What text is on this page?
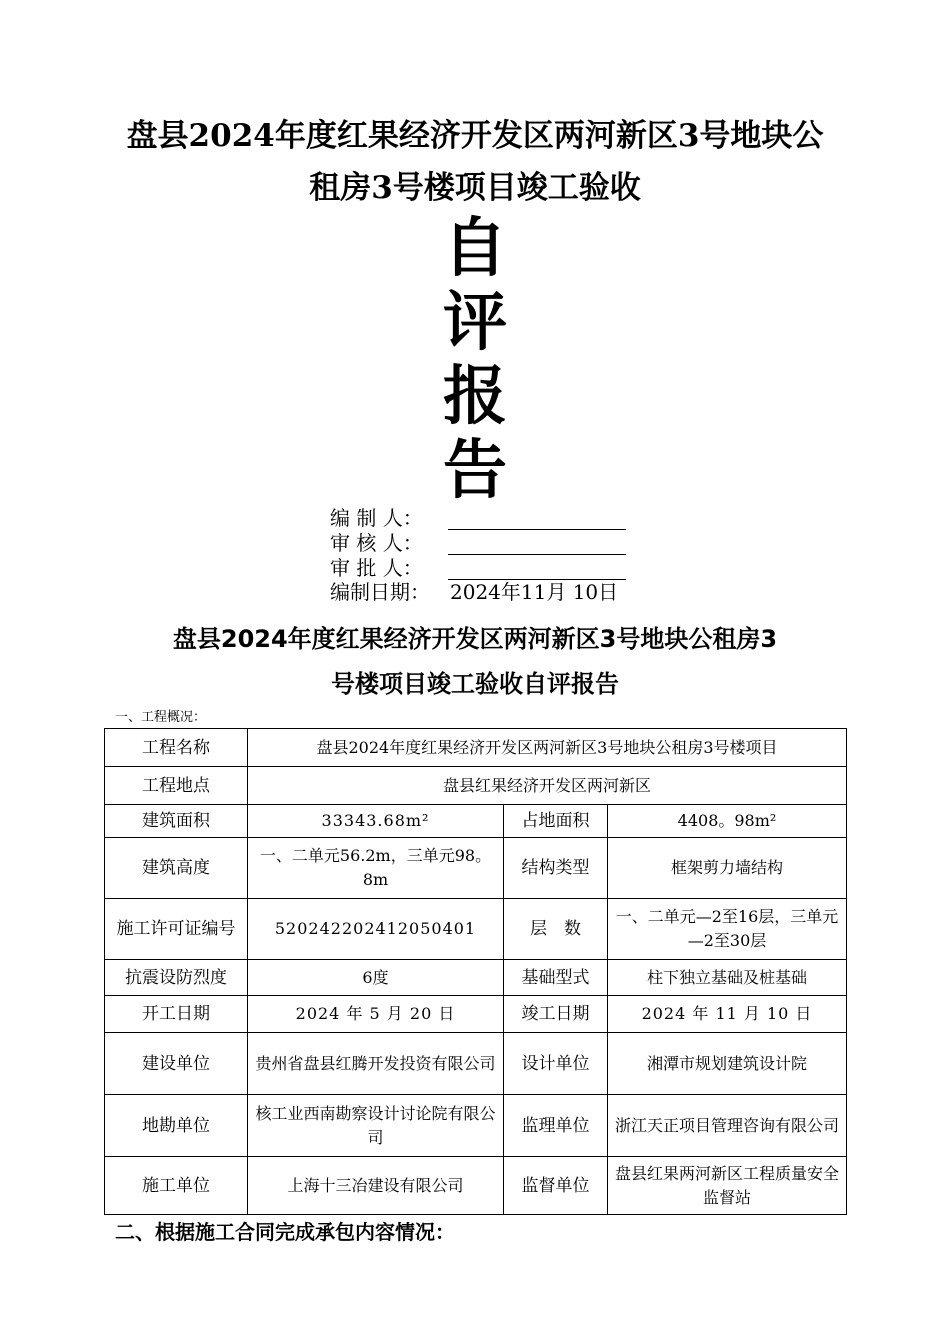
盘县2024年度红果经济开发区两河新区3号地块公
租房3号楼项目竣工验收
自
评
报
告
编 制 人：
审 核 人：
审 批 人：
编制日期： 2024年11月 10日
盘县2024年度红果经济开发区两河新区3号地块公租房3
号楼项目竣工验收自评报告
一、工程概况：
工程名称	盘县2024年度红果经济开发区两河新区3号地块公租房3号楼项目		
工程地点	盘县红果经济开发区两河新区		
建筑面积	33343.68m²	占地面积	4408。98m²
建筑高度	一、二单元56.2m，三单元98。8m	结构类型	框架剪力墙结构
施工许可证编号	520242202412050401	层　数	一、二单元—2至16层，三单元—2至30层
抗震设防烈度	6度	基础型式	柱下独立基础及桩基础
开工日期	2024 年 5 月 20 日	竣工日期	2024 年 11 月 10 日
建设单位	贵州省盘县红腾开发投资有限公司	设计单位	湘潭市规划建筑设计院
地勘单位	核工业西南勘察设计讨论院有限公司	监理单位	浙江天正项目管理咨询有限公司
施工单位	上海十三冶建设有限公司	监督单位	盘县红果两河新区工程质量安全监督站
二、根据施工合同完成承包内容情况：
